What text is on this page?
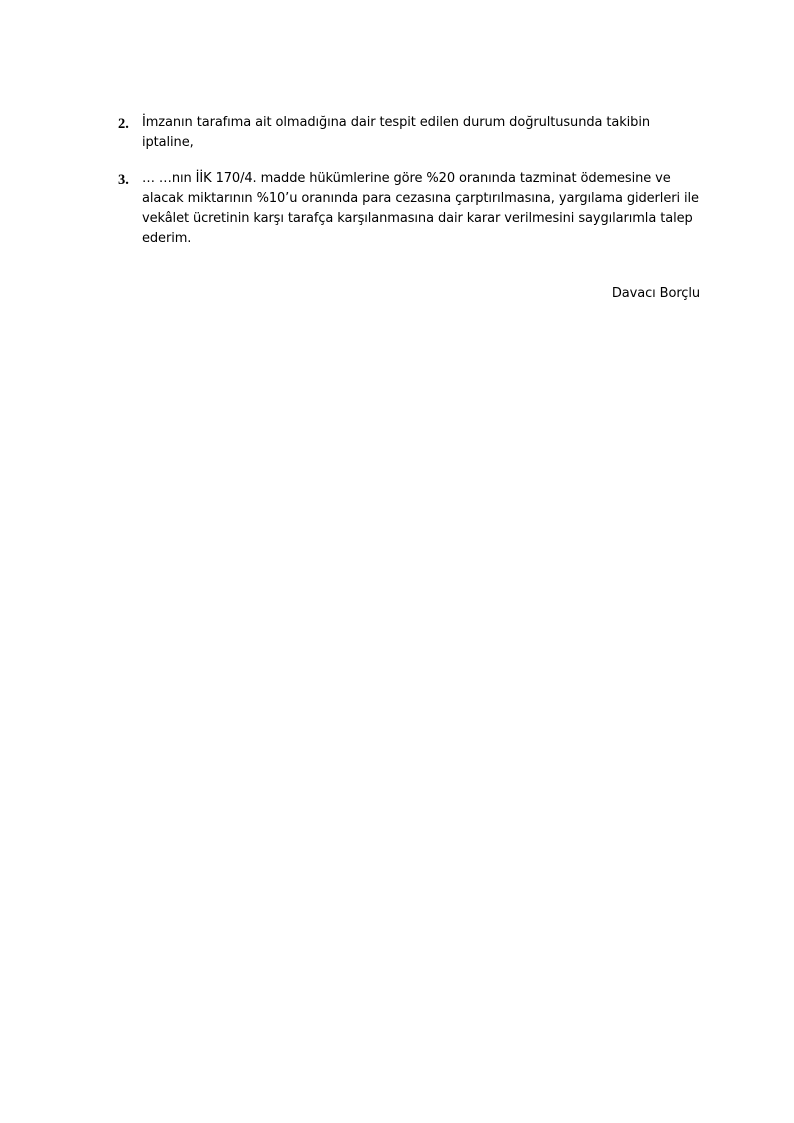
2. İmzanın tarafıma ait olmadığına dair tespit edilen durum doğrultusunda takibin
iptaline,
3. … …nın İİK 170/4. madde hükümlerine göre %20 oranında tazminat ödemesine ve
alacak miktarının %10’u oranında para cezasına çarptırılmasına, yargılama giderleri ile
vekâlet ücretinin karşı tarafça karşılanmasına dair karar verilmesini saygılarımla talep
ederim.
Davacı Borçlu
